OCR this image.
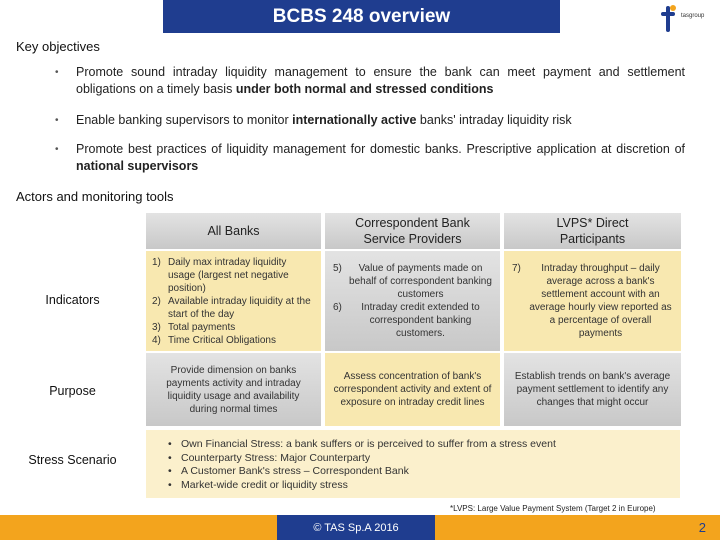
BCBS 248 overview	tasgroup
Key objectives
• Promote sound intraday liquidity management to ensure the bank can meet payment and settlement obligations on a timely basis under both normal and stressed conditions
• Enable banking supervisors to monitor internationally active banks' intraday liquidity risk
• Promote best practices of liquidity management for domestic banks. Prescriptive application at discretion of national supervisors
Actors and monitoring tools
All Banks
Correspondent Bank Service Providers
LVPS* Direct Participants
Indicators
Purpose
Stress Scenario
1) Daily max intraday liquidity usage (largest net negative position)
2) Available intraday liquidity at the start of the day
3) Total payments
4) Time Critical Obligations
5) Value of payments made on behalf of correspondent banking customers
6) Intraday credit extended to correspondent banking customers.
7) Intraday throughput – daily average across a bank's settlement account with an average hourly view reported as a percentage of overall payments
Provide dimension on banks payments activity and intraday liquidity usage and availability during normal times
Assess concentration of bank's correspondent activity and extent of exposure on intraday credit lines
Establish trends on bank's average payment settlement to identify any changes that might occur
• Own Financial Stress: a bank suffers or is perceived to suffer from a stress event
• Counterparty Stress: Major Counterparty
• A Customer Bank's stress – Correspondent Bank
• Market-wide credit or liquidity stress
*LVPS: Large Value Payment System (Target 2 in Europe)
© TAS Sp.A 2016	2
